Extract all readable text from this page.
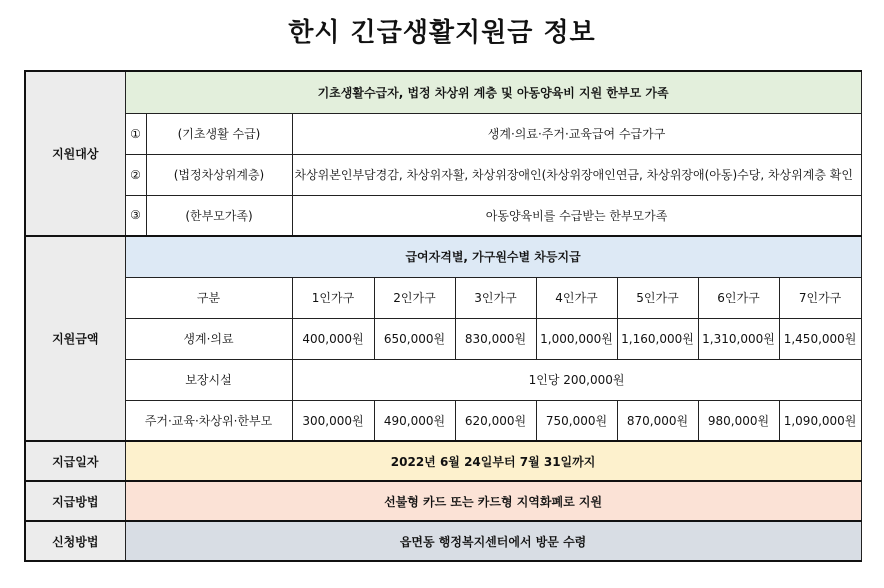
한시 긴급생활지원금 정보
지원대상	기초생활수급자, 법정 차상위 계층 및 아동양육비 지원 한부모 가족								
	①	(기초생활 수급)	생계·의료·주거·교육급여 수급가구						
	②	(법정차상위계층)	차상위본인부담경감, 차상위자활, 차상위장애인(차상위장애인연금, 차상위장애(아동)수당, 차상위계층 확인						

	③	(한부모가족)	아동양육비를 수급받는 한부모가족						
지원금액	급여자격별, 가구원수별 차등지급								
	구분		1인가구	2인가구	3인가구	4인가구	5인가구	6인가구	7인가구
	생계·의료		400,000원	650,000원	830,000원	1,000,000원	1,160,000원	1,310,000원	1,450,000원
	보장시설		1인당 200,000원						
	주거·교육·차상위·한부모		300,000원	490,000원	620,000원	750,000원	870,000원	980,000원	1,090,000원
지급일자	2022년 6월 24일부터 7월 31일까지								
지급방법	선불형 카드 또는 카드형 지역화폐로 지원								
신청방법	읍면동 행정복지센터에서 방문 수령								
